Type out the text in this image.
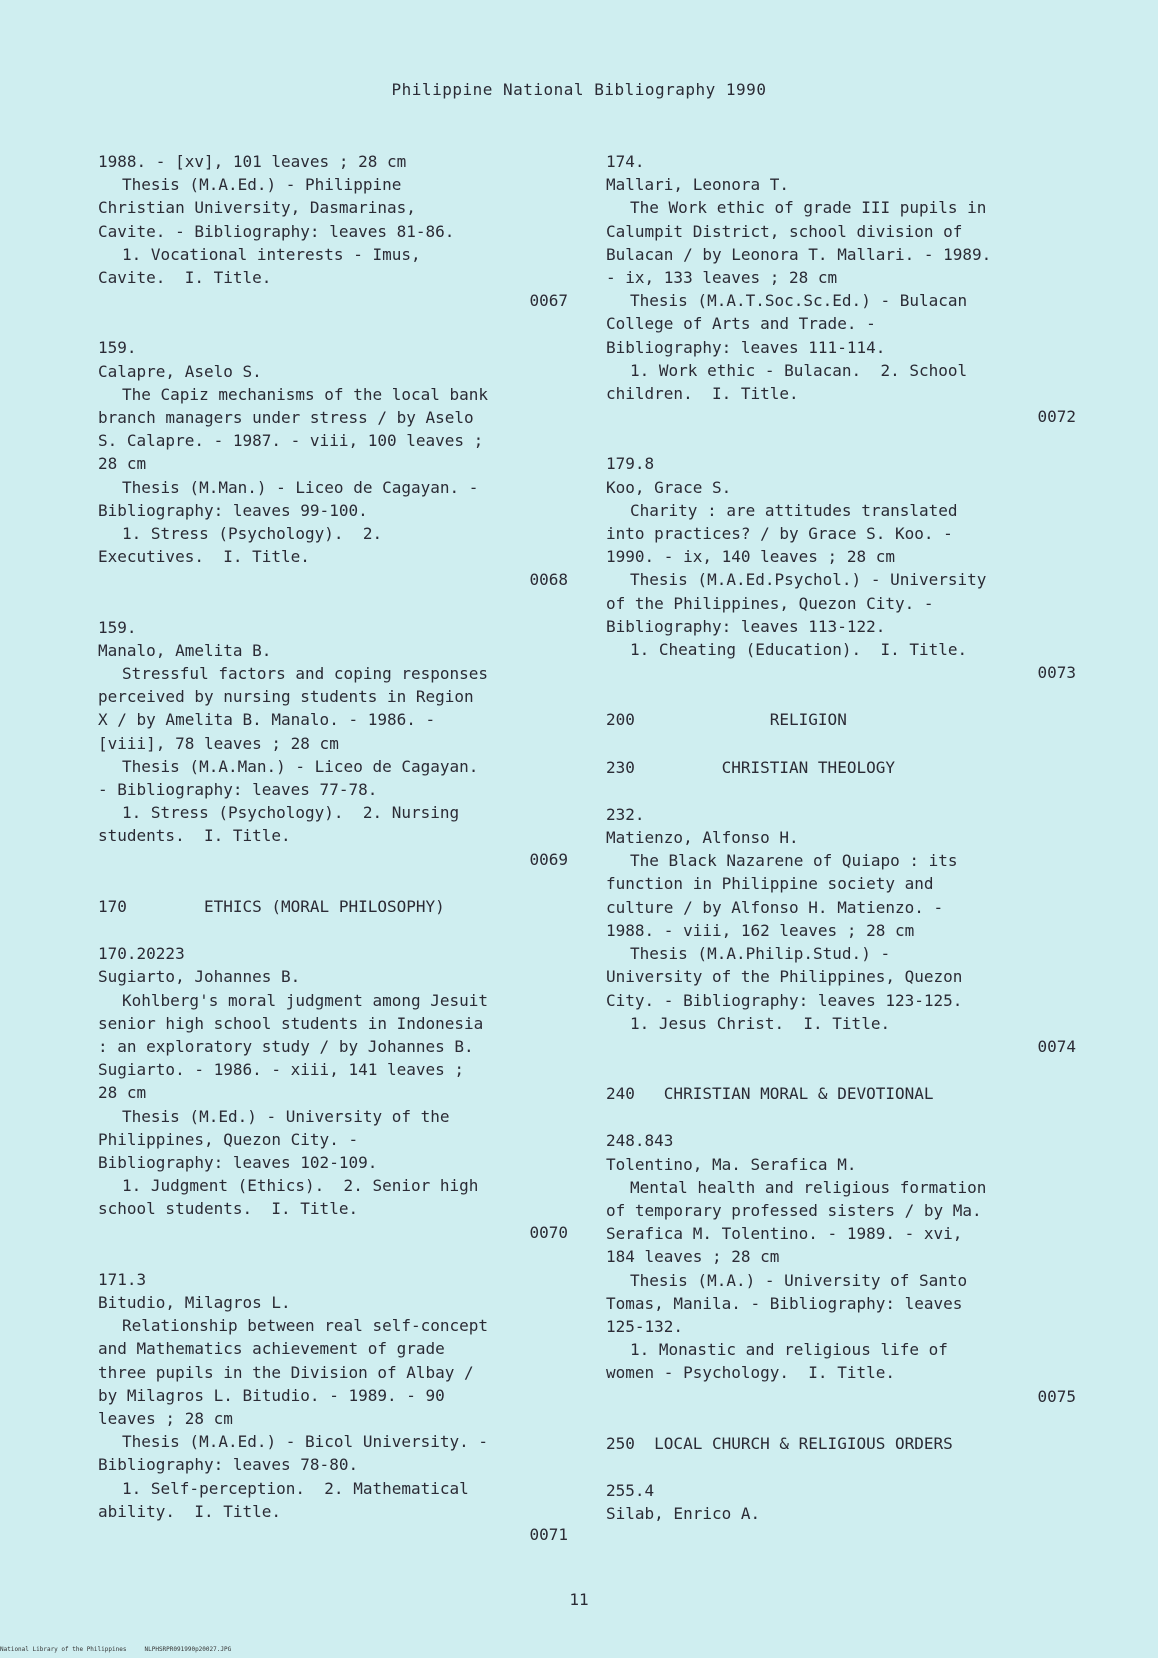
Philippine National Bibliography 1990
1988. - [xv], 101 leaves ; 28 cm
Thesis (M.A.Ed.) - Philippine
Christian University, Dasmarinas,
Cavite. - Bibliography: leaves 81-86.
1. Vocational interests - Imus,
Cavite.  I. Title.
0067
159.
Calapre, Aselo S.
The Capiz mechanisms of the local bank
branch managers under stress / by Aselo
S. Calapre. - 1987. - viii, 100 leaves ;
28 cm
Thesis (M.Man.) - Liceo de Cagayan. -
Bibliography: leaves 99-100.
1. Stress (Psychology).  2.
Executives.  I. Title.
0068
159.
Manalo, Amelita B.
Stressful factors and coping responses
perceived by nursing students in Region
X / by Amelita B. Manalo. - 1986. -
[viii], 78 leaves ; 28 cm
Thesis (M.A.Man.) - Liceo de Cagayan.
- Bibliography: leaves 77-78.
1. Stress (Psychology).  2. Nursing
students.  I. Title.
0069
170        ETHICS (MORAL PHILOSOPHY)
170.20223
Sugiarto, Johannes B.
Kohlberg's moral judgment among Jesuit
senior high school students in Indonesia
: an exploratory study / by Johannes B.
Sugiarto. - 1986. - xiii, 141 leaves ;
28 cm
Thesis (M.Ed.) - University of the
Philippines, Quezon City. -
Bibliography: leaves 102-109.
1. Judgment (Ethics).  2. Senior high
school students.  I. Title.
0070
171.3
Bitudio, Milagros L.
Relationship between real self-concept
and Mathematics achievement of grade
three pupils in the Division of Albay /
by Milagros L. Bitudio. - 1989. - 90
leaves ; 28 cm
Thesis (M.A.Ed.) - Bicol University. -
Bibliography: leaves 78-80.
1. Self-perception.  2. Mathematical
ability.  I. Title.
0071
174.
Mallari, Leonora T.
The Work ethic of grade III pupils in
Calumpit District, school division of
Bulacan / by Leonora T. Mallari. - 1989.
- ix, 133 leaves ; 28 cm
Thesis (M.A.T.Soc.Sc.Ed.) - Bulacan
College of Arts and Trade. -
Bibliography: leaves 111-114.
1. Work ethic - Bulacan.  2. School
children.  I. Title.
0072
179.8
Koo, Grace S.
Charity : are attitudes translated
into practices? / by Grace S. Koo. -
1990. - ix, 140 leaves ; 28 cm
Thesis (M.A.Ed.Psychol.) - University
of the Philippines, Quezon City. -
Bibliography: leaves 113-122.
1. Cheating (Education).  I. Title.
0073
200              RELIGION
230         CHRISTIAN THEOLOGY
232.
Matienzo, Alfonso H.
The Black Nazarene of Quiapo : its
function in Philippine society and
culture / by Alfonso H. Matienzo. -
1988. - viii, 162 leaves ; 28 cm
Thesis (M.A.Philip.Stud.) -
University of the Philippines, Quezon
City. - Bibliography: leaves 123-125.
1. Jesus Christ.  I. Title.
0074
240   CHRISTIAN MORAL & DEVOTIONAL
248.843
Tolentino, Ma. Serafica M.
Mental health and religious formation
of temporary professed sisters / by Ma.
Serafica M. Tolentino. - 1989. - xvi,
184 leaves ; 28 cm
Thesis (M.A.) - University of Santo
Tomas, Manila. - Bibliography: leaves
125-132.
1. Monastic and religious life of
women - Psychology.  I. Title.
0075
250  LOCAL CHURCH & RELIGIOUS ORDERS
255.4
Silab, Enrico A.
11
National Library of the Philippines     NLPHSRPR091990p20027.JPG
